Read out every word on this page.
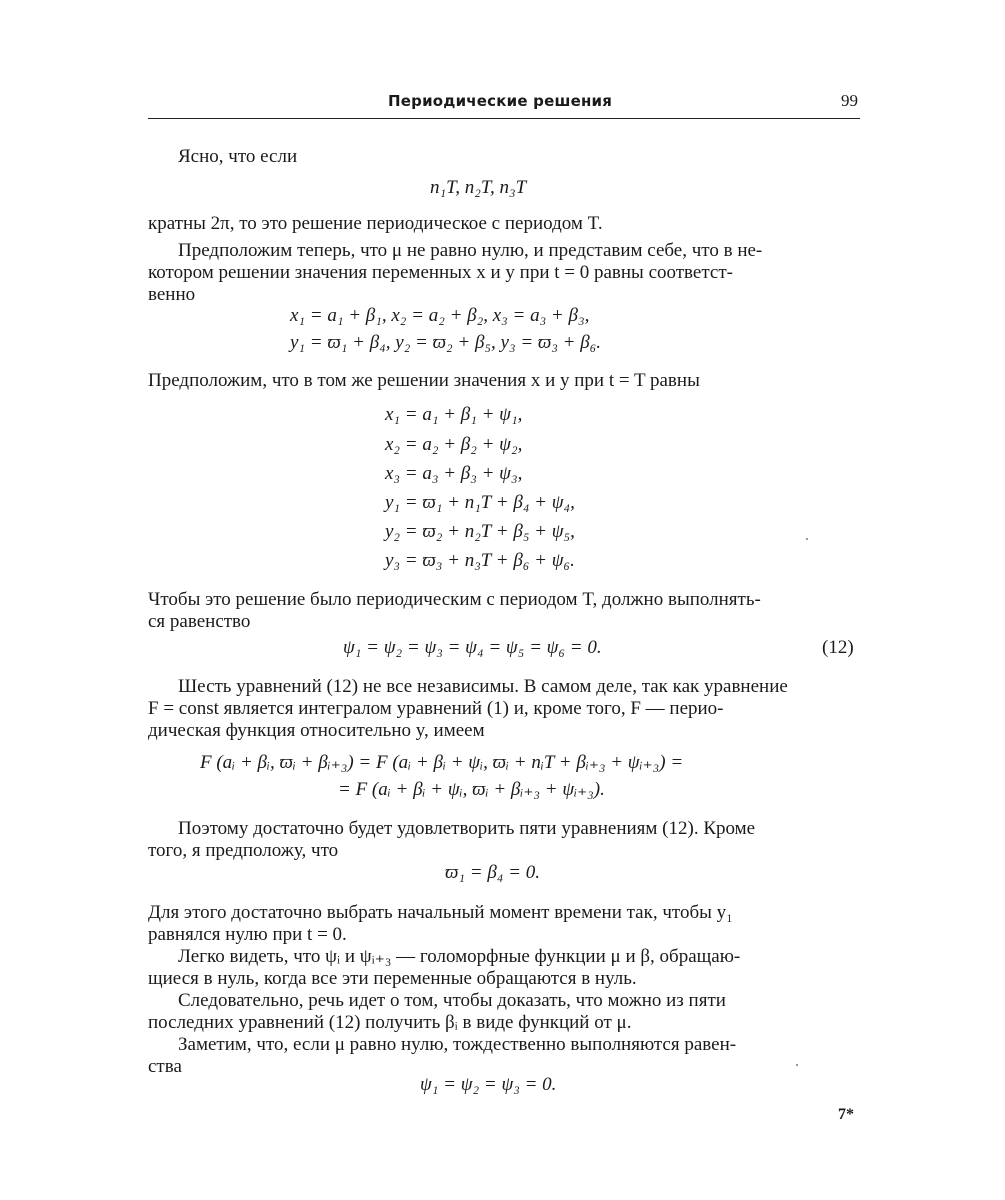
Периодические решения	99
Ясно, что если
n₁T, n₂T, n₃T
кратны 2π, то это решение периодическое с периодом T.
Предположим теперь, что μ не равно нулю, и представим себе, что в не-
котором решении значения переменных x и y при t = 0 равны соответст-
венно
x₁ = a₁ + β₁, x₂ = a₂ + β₂, x₃ = a₃ + β₃,
y₁ = ϖ₁ + β₄, y₂ = ϖ₂ + β₅, y₃ = ϖ₃ + β₆.
Предположим, что в том же решении значения x и y при t = T равны
x₁ = a₁ + β₁ + ψ₁,
x₂ = a₂ + β₂ + ψ₂,
x₃ = a₃ + β₃ + ψ₃,
y₁ = ϖ₁ + n₁T + β₄ + ψ₄,
y₂ = ϖ₂ + n₂T + β₅ + ψ₅,
y₃ = ϖ₃ + n₃T + β₆ + ψ₆.
Чтобы это решение было периодическим с периодом T, должно выполнять-
ся равенство
ψ₁ = ψ₂ = ψ₃ = ψ₄ = ψ₅ = ψ₆ = 0.	(12)
Шесть уравнений (12) не все независимы. В самом деле, так как уравнение
F = const является интегралом уравнений (1) и, кроме того, F — перио-
дическая функция относительно y, имеем
F (aᵢ + βᵢ, ϖᵢ + βᵢ₊₃) = F (aᵢ + βᵢ + ψᵢ, ϖᵢ + nᵢT + βᵢ₊₃ + ψᵢ₊₃) =
= F (aᵢ + βᵢ + ψᵢ, ϖᵢ + βᵢ₊₃ + ψᵢ₊₃).
Поэтому достаточно будет удовлетворить пяти уравнениям (12). Кроме
того, я предположу, что
ϖ₁ = β₄ = 0.
Для этого достаточно выбрать начальный момент времени так, чтобы y₁
равнялся нулю при t = 0.
Легко видеть, что ψᵢ и ψᵢ₊₃ — голоморфные функции μ и β, обращаю-
щиеся в нуль, когда все эти переменные обращаются в нуль.
Следовательно, речь идет о том, чтобы доказать, что можно из пяти
последних уравнений (12) получить βᵢ в виде функций от μ.
Заметим, что, если μ равно нулю, тождественно выполняются равен-
ства
ψ₁ = ψ₂ = ψ₃ = 0.
7*
